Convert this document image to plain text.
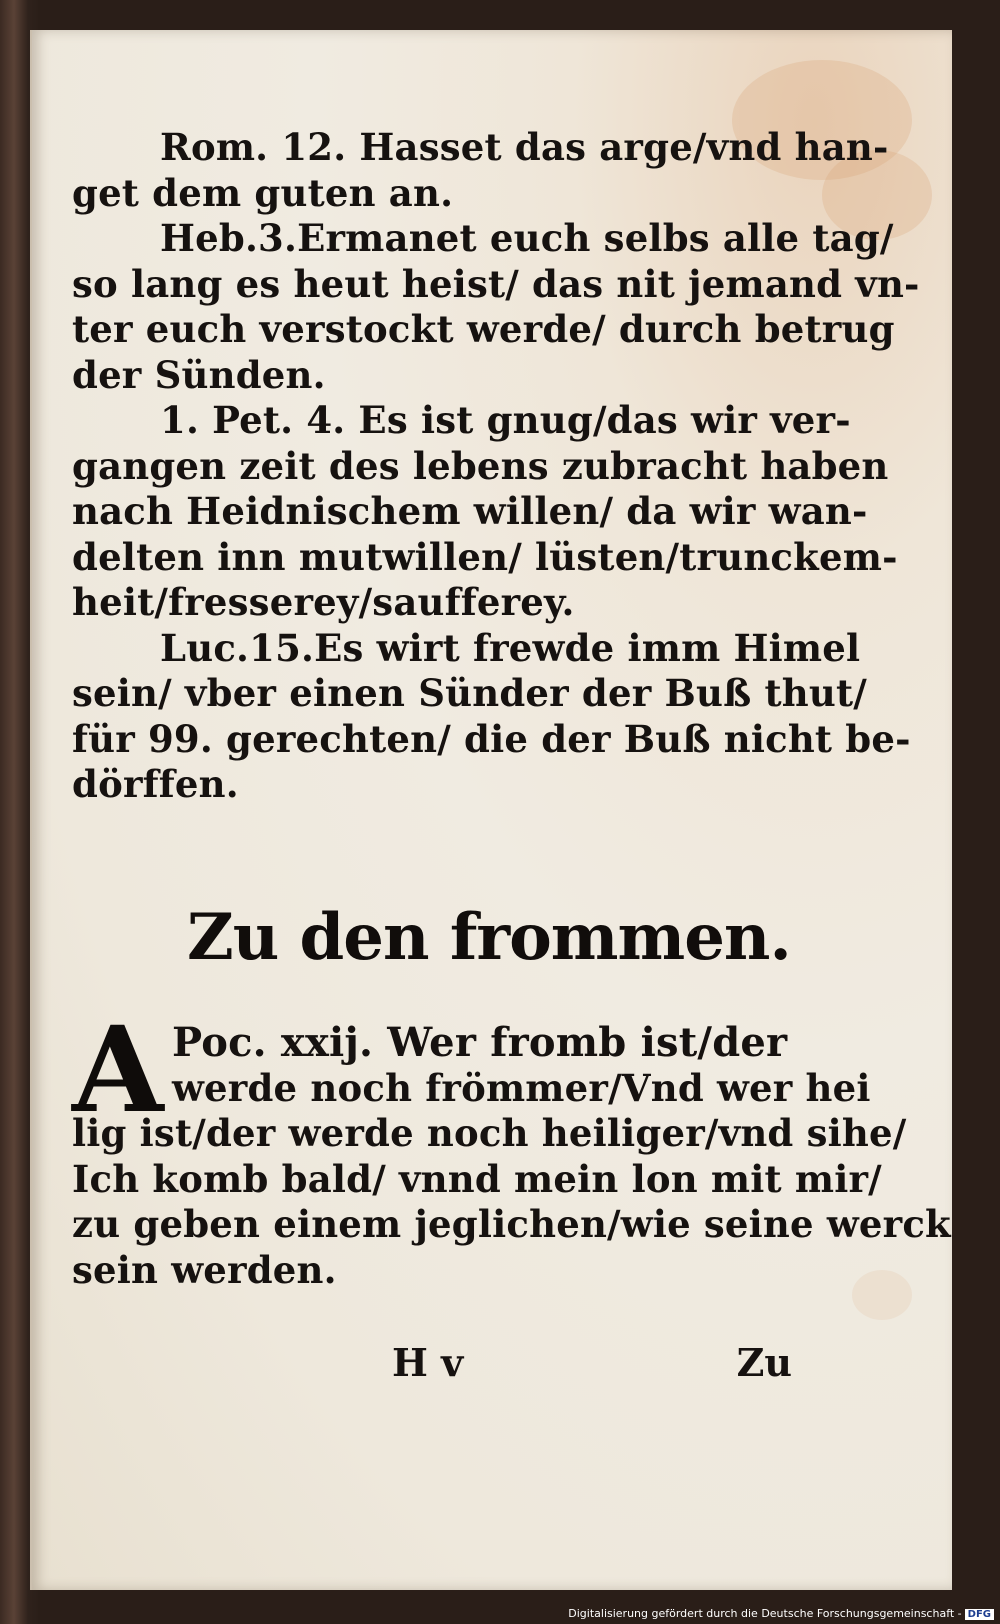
Rom. 12. Hasset das arge/vnd han-
get dem guten an.
Heb.3.Ermanet euch selbs alle tag/
so lang es heut heist/ das nit jemand vn-
ter euch verstockt werde/ durch betrug
der Sünden.
1. Pet. 4. Es ist gnug/das wir ver-
gangen zeit des lebens zubracht haben
nach Heidnischem willen/ da wir wan-
delten inn mutwillen/ lüsten/trunckem-
heit/fresserey/saufferey.
Luc.15.Es wirt frewde imm Himel
sein/ vber einen Sünder der Buß thut/
für 99. gerechten/ die der Buß nicht be-
dörffen.
Zu den frommen.
A Poc. xxij. Wer fromb ist/der
werde noch frömmer/Vnd wer hei
lig ist/der werde noch heiliger/vnd sihe/
Ich komb bald/ vnnd mein lon mit mir/
zu geben einem jeglichen/wie seine werck
sein werden.
H v	Zu
Digitalisierung gefördert durch die Deutsche Forschungsgemeinschaft - DFG
